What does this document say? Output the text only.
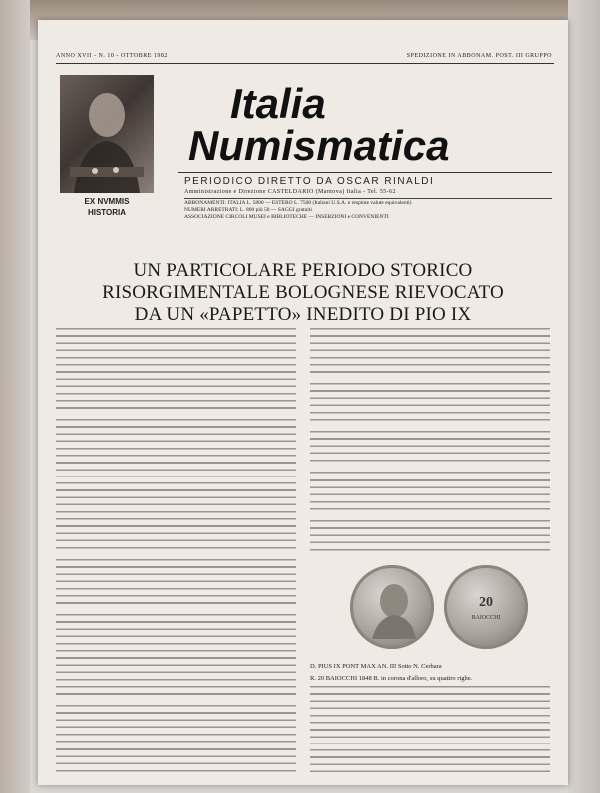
ANNO XVII - N. 10 - OTTOBRE 1982	SPEDIZIONE IN ABBONAM. POST. III GRUPPO
EX NVMMIS
HISTORIA
Italia
Numismatica
PERIODICO DIRETTO DA OSCAR RINALDI
Amministrazione e Direzione CASTELDARIO (Mantova) Italia - Tel. 55-62
ABBONAMENTI: ITALIA L. 5800 — ESTERO L. 7500 (Italiani U.S.A. e respinte valute equivalenti)
NUMERI ARRETRATI: L. 800 più 50 — SAGGI gratuiti
ASSOCIAZIONE CIRCOLI MUSEI e BIBLIOTECHE — INSERZIONI e CONVENIENTI
UN PARTICOLARE PERIODO STORICO
RISORGIMENTALE BOLOGNESE RIEVOCATO
DA UN «PAPETTO» INEDITO DI PIO IX
20
BAIOCCHI
D. PIUS IX PONT MAX AN. III Sotto N. Cerbara
R. 20 BAIOCCHI 1848 B. in corona d'alloro, su quattro righe.
